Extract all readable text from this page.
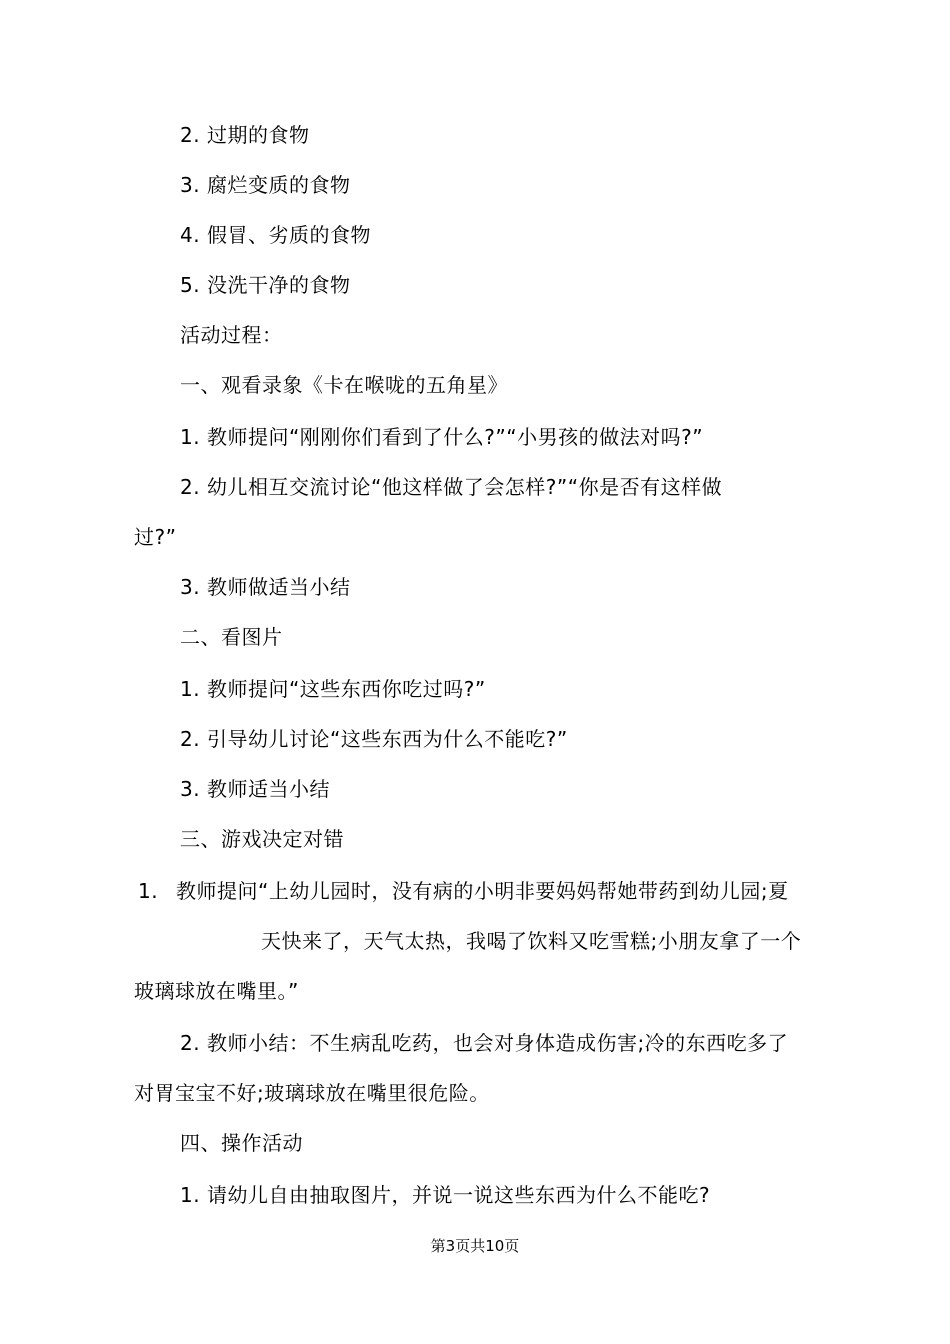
2. 过期的食物
3. 腐烂变质的食物
4. 假冒、劣质的食物
5. 没洗干净的食物
活动过程：
一、观看录象《卡在喉咙的五角星》
1. 教师提问“刚刚你们看到了什么?”“小男孩的做法对吗?”
2. 幼儿相互交流讨论“他这样做了会怎样?”“你是否有这样做
过?”
3. 教师做适当小结
二、看图片
1. 教师提问“这些东西你吃过吗?”
2. 引导幼儿讨论“这些东西为什么不能吃?”
3. 教师适当小结
三、游戏决定对错
1. 教师提问“上幼儿园时，没有病的小明非要妈妈帮她带药到幼儿园;夏
天快来了，天气太热，我喝了饮料又吃雪糕;小朋友拿了一个
玻璃球放在嘴里。”
2. 教师小结：不生病乱吃药，也会对身体造成伤害;冷的东西吃多了
对胃宝宝不好;玻璃球放在嘴里很危险。
四、操作活动
1. 请幼儿自由抽取图片，并说一说这些东西为什么不能吃?
第3页共10页
